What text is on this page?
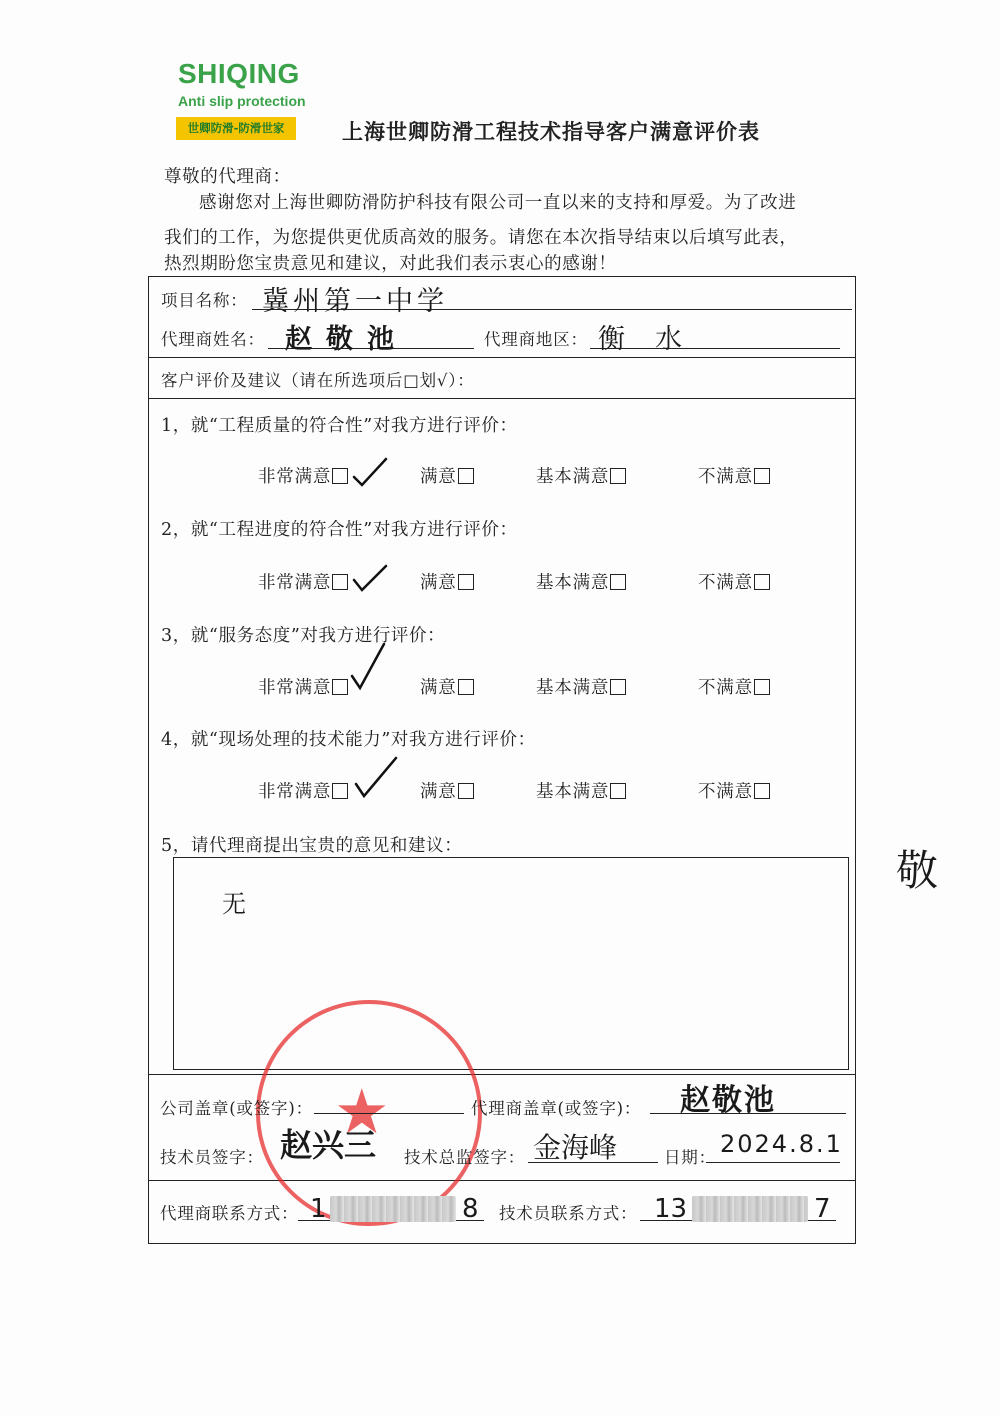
SHIQING
Anti slip protection
世卿防滑-防滑世家	上海世卿防滑工程技术指导客户满意评价表
尊敬的代理商：
感谢您对上海世卿防滑防护科技有限公司一直以来的支持和厚爱。为了改进
我们的工作，为您提供更优质高效的服务。请您在本次指导结束以后填写此表，
热烈期盼您宝贵意见和建议，对此我们表示衷心的感谢！
项目名称： 冀州第一中学
代理商姓名： 赵敬池	代理商地区： 衡水
客户评价及建议（请在所选项后□划√）：
1，就“工程质量的符合性”对我方进行评价：
非常满意	满意	基本满意	不满意
2，就“工程进度的符合性”对我方进行评价：
非常满意	满意	基本满意	不满意
3，就“服务态度”对我方进行评价：
非常满意	满意	基本满意	不满意
4，就“现场处理的技术能力”对我方进行评价：
非常满意	满意	基本满意	不满意
5，请代理商提出宝贵的意见和建议：
无
敬
★
公司盖章(或签字)：	代理商盖章(或签字)： 赵敬池
技术员签字： 赵兴三 技术总监签字： 金海峰	日期： 2024.8.1
代理商联系方式： 1	8 技术员联系方式： 13	7
